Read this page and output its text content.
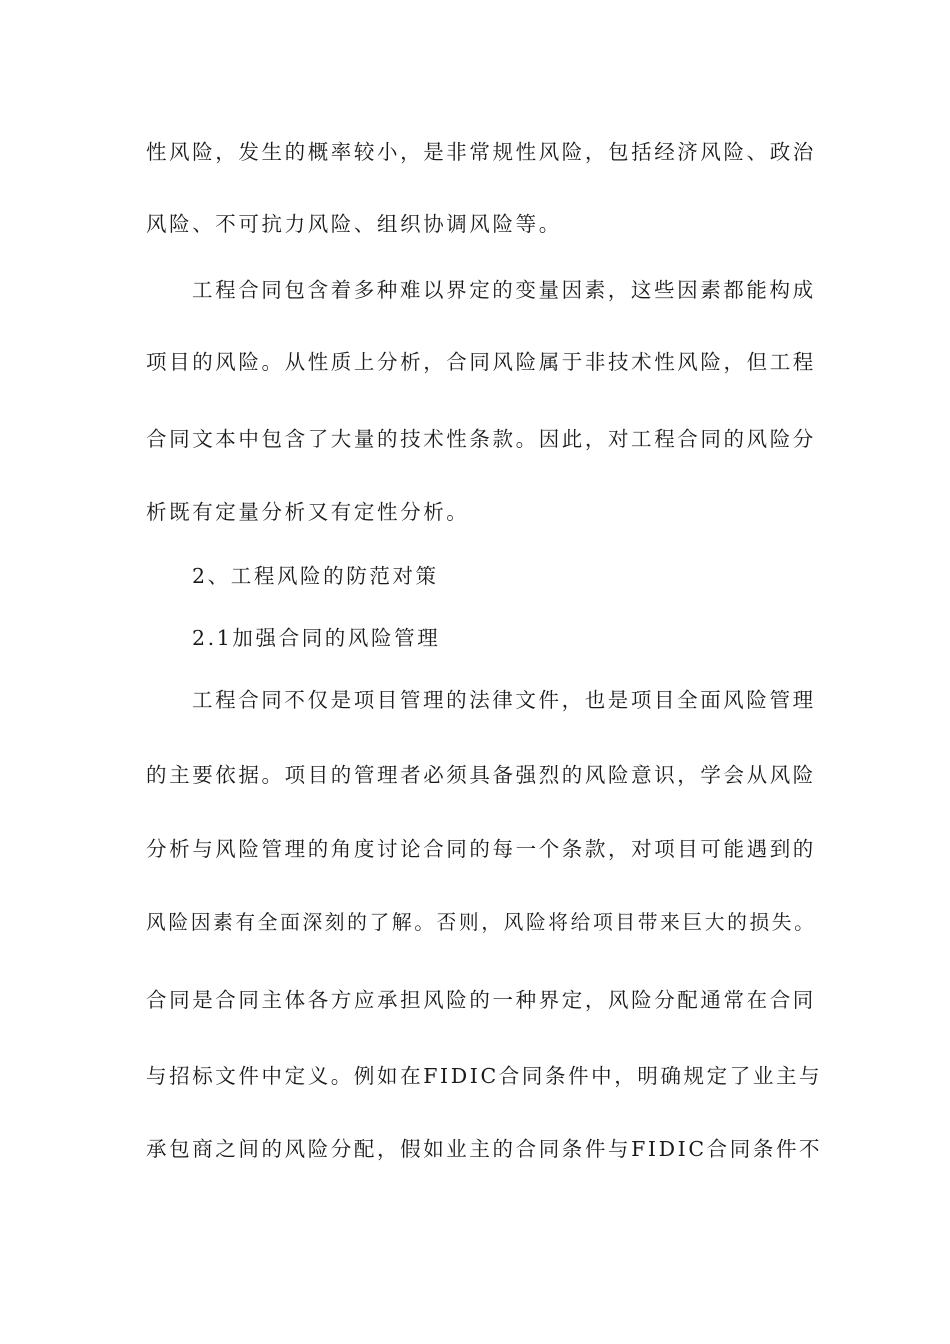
性风险，发生的概率较小，是非常规性风险，包括经济风险、政治
风险、不可抗力风险、组织协调风险等。
工程合同包含着多种难以界定的变量因素，这些因素都能构成
项目的风险。从性质上分析，合同风险属于非技术性风险，但工程
合同文本中包含了大量的技术性条款。因此，对工程合同的风险分
析既有定量分析又有定性分析。
2、工程风险的防范对策
2.1加强合同的风险管理
工程合同不仅是项目管理的法律文件，也是项目全面风险管理
的主要依据。项目的管理者必须具备强烈的风险意识，学会从风险
分析与风险管理的角度讨论合同的每一个条款，对项目可能遇到的
风险因素有全面深刻的了解。否则，风险将给项目带来巨大的损失。
合同是合同主体各方应承担风险的一种界定，风险分配通常在合同
与招标文件中定义。例如在FIDIC合同条件中，明确规定了业主与
承包商之间的风险分配，假如业主的合同条件与FIDIC合同条件不
